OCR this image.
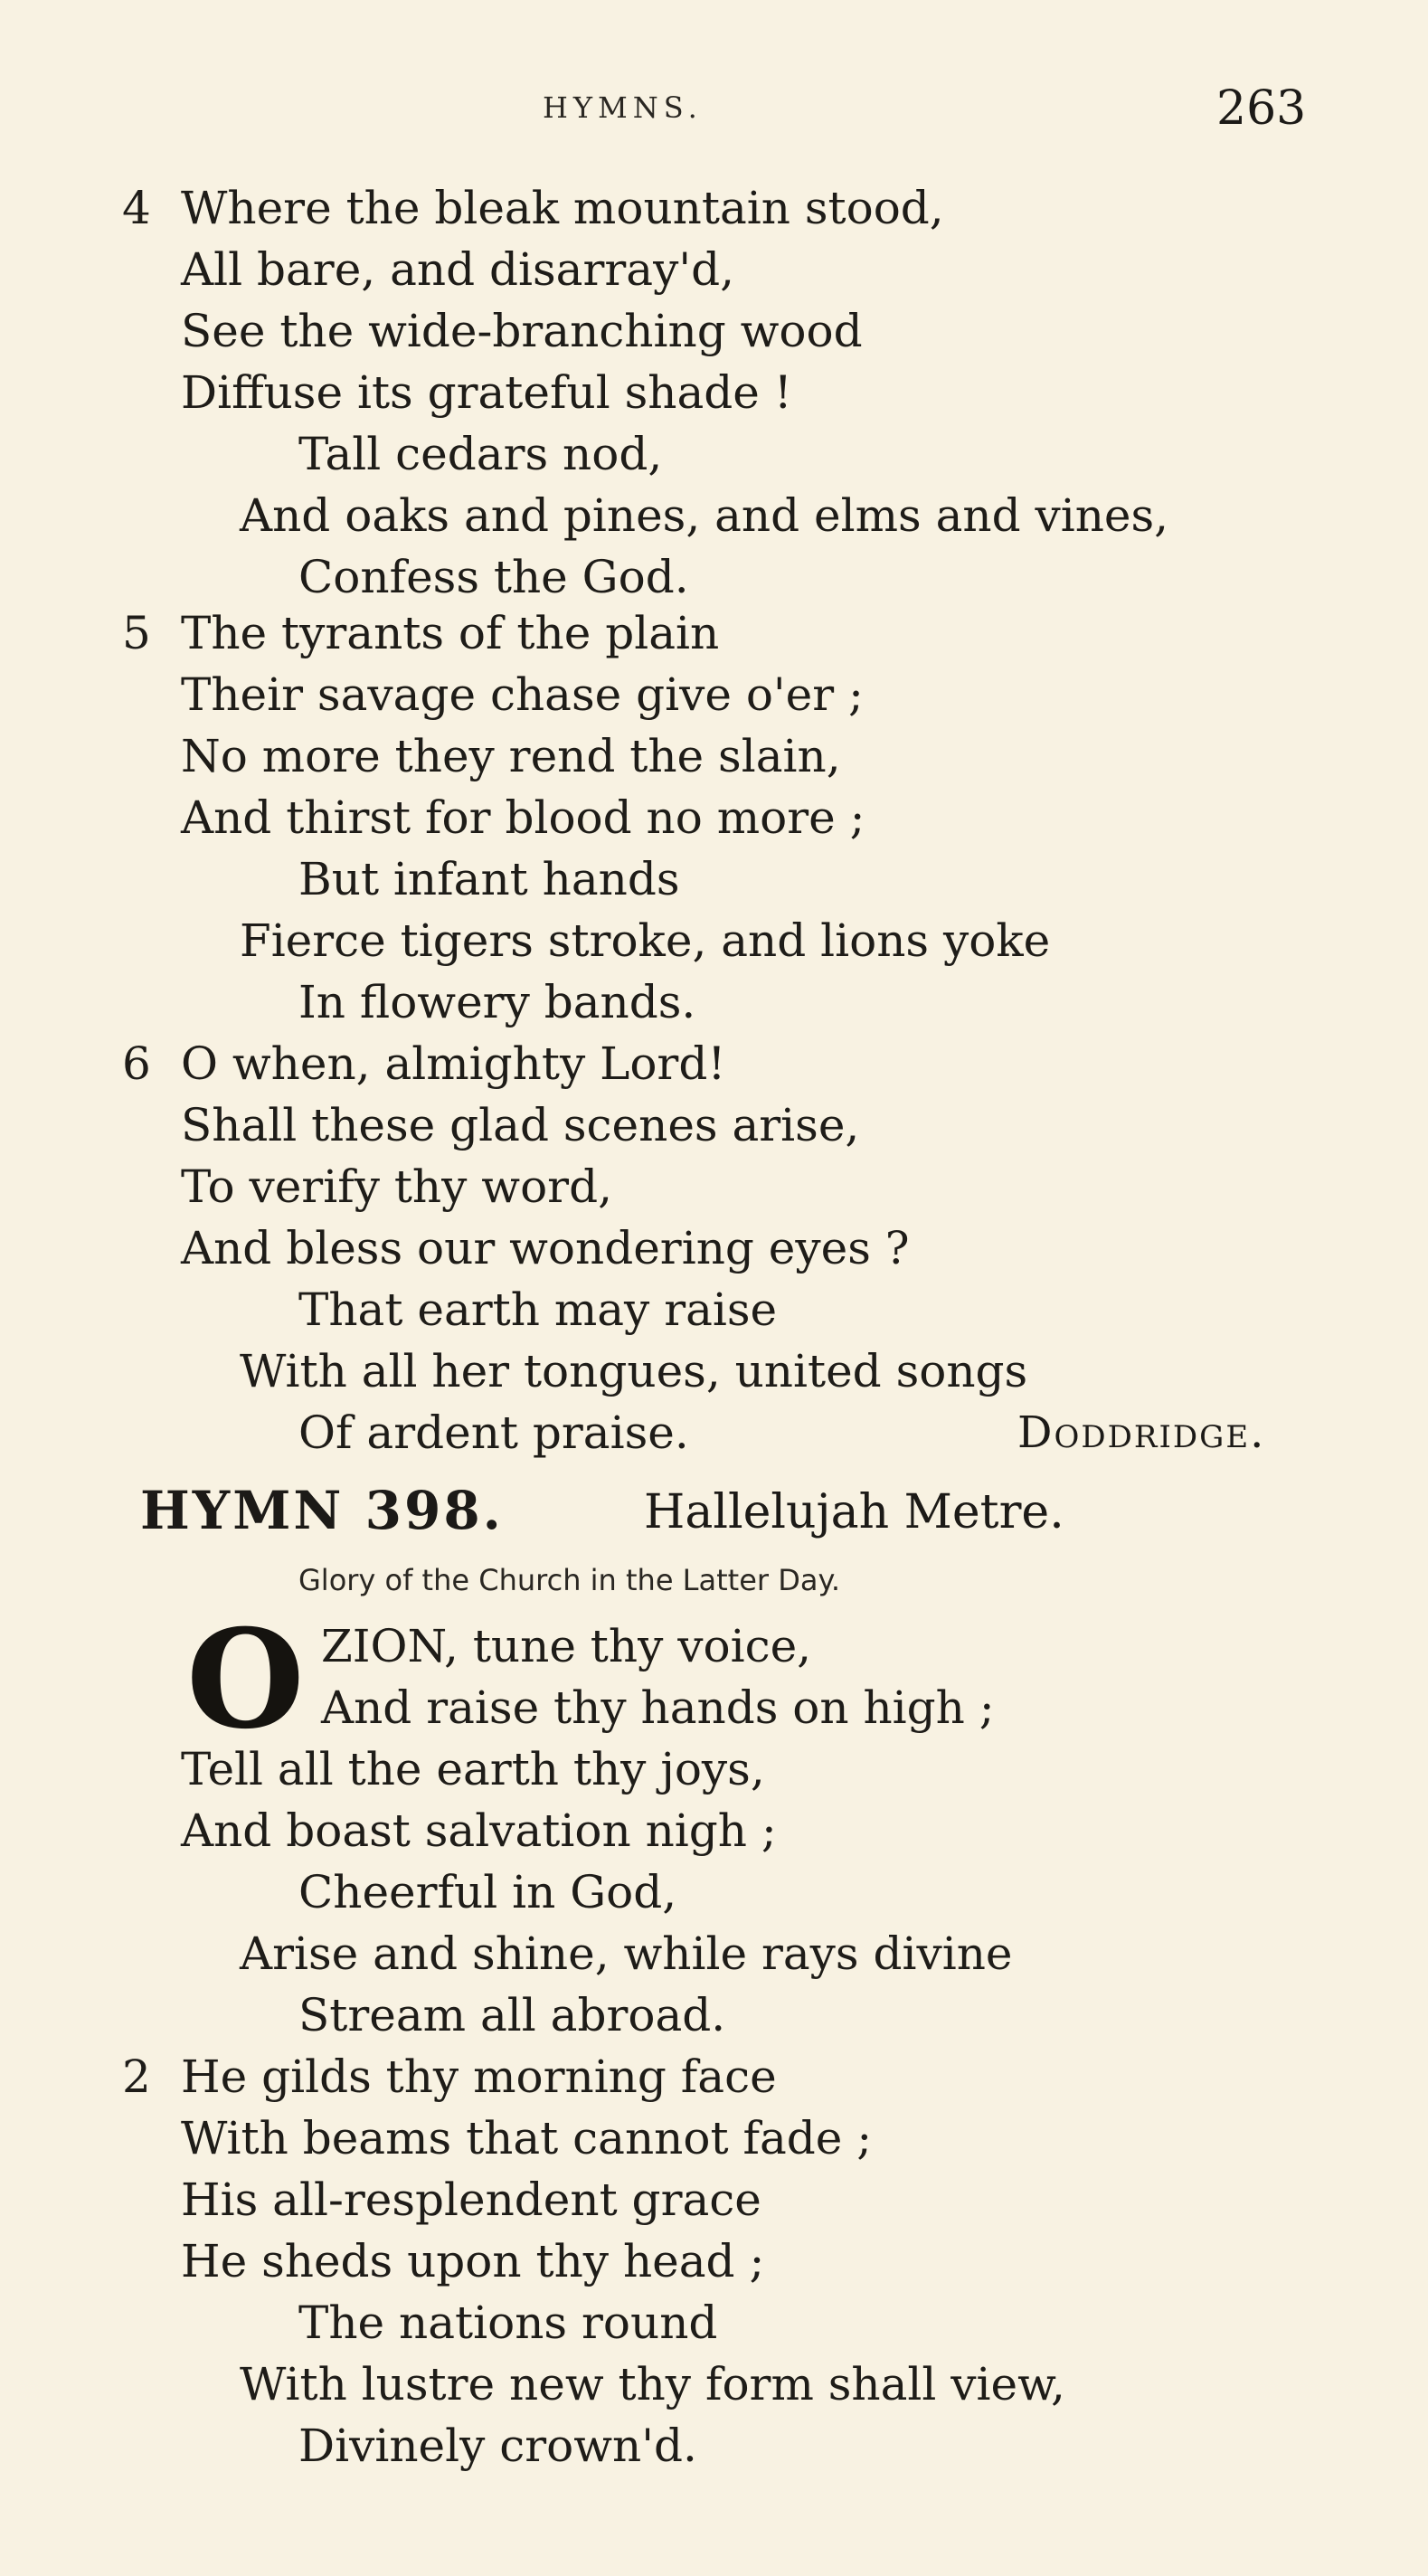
HYMNS.	263
4 Where the bleak mountain stood,
All bare, and disarray'd,
See the wide-branching wood
Diffuse its grateful shade !
Tall cedars nod,
And oaks and pines, and elms and vines,
Confess the God.
5 The tyrants of the plain
Their savage chase give o'er ;
No more they rend the slain,
And thirst for blood no more ;
But infant hands
Fierce tigers stroke, and lions yoke
In flowery bands.
6 O when, almighty Lord!
Shall these glad scenes arise,
To verify thy word,
And bless our wondering eyes ?
That earth may raise
With all her tongues, united songs
Of ardent praise.	Doddridge.
HYMN 398.	Hallelujah Metre.
Glory of the Church in the Latter Day.
O ZION, tune thy voice,
And raise thy hands on high ;
Tell all the earth thy joys,
And boast salvation nigh ;
Cheerful in God,
Arise and shine, while rays divine
Stream all abroad.
2 He gilds thy morning face
With beams that cannot fade ;
His all-resplendent grace
He sheds upon thy head ;
The nations round
With lustre new thy form shall view,
Divinely crown'd.
